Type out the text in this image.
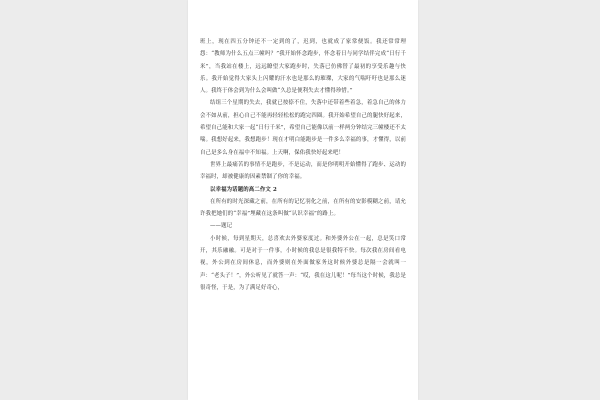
班上，现在四五分钟还不一定到的了，迟到，也就成了家常便饭。我还常常理怨：“教师为什么五点三幢吗？”我开始怀念跑步，怀念着日与同学结伴完成“日行千米”，当我站在楼上，远远瞭望大家跑步时，失落已仿佛替了最初的享受乐趣与快乐。我开始觉得大家头上闪耀的汗水也是那么的璀璨，大家的气喘吁吁也是那么迷人。我终于体会到为什么会叫做“久总是便利失去才懂得珍惜。”

结组三个星期的失去，我就已按捺不住，失落中还带着些着急，着急自己的体力会不如从前，担心自己不能再轻轻松松的跑完四圈。我开始希望自己的腿快好起来，希望自己能和大家一起“日行千米”，希望自己能像以前一样两分钟结完三幢楼还不太喘。我想好起来，我想跑步！现在才明白能跑步是一件多么幸福的事，才懂得，以前自己是多么身在福中不知福。上天啊，保佑我快好起来吧！

世界上最痛苦的事情不是跑步，不是运动，而是你明明开始懂得了跑步、运动的幸福时，却被健康的因素禁锢了你的幸福。

以幸福为话题的高二作文 2

在所有的时光深藏之前，在所有的记忆羽化之前，在所有的安影模糊之前，请允许我把她们的“幸福”埋藏在这条叫做“认识幸福”的路上。

——题记

小时候，每到星期天，总喜欢去外婆家度过。和外婆外公在一起，总是笑口常开，其乐融融。可是对于一件事，小时候的我总是很我特不快。每次我在房间看电视，外公到在房间休息，而外婆则在外面做家务这时候外婆总是隔一会就叫一声：“老头子！”，外公听见了就答一声：“哎，我在这儿呢！”每当这个时候，我总是很奇怪，于是，为了满足好奇心，
